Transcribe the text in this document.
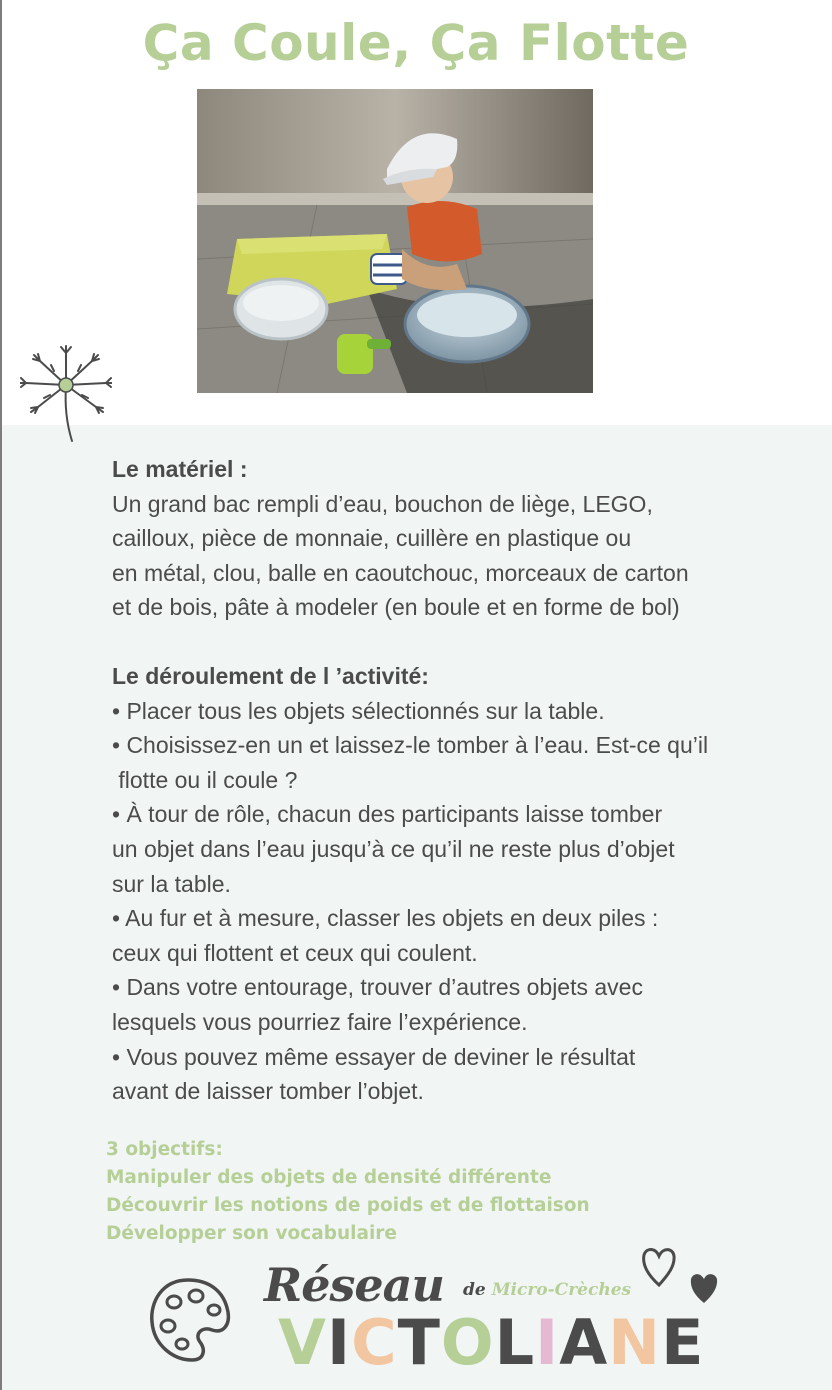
Ça Coule, Ça Flotte
Le matériel :
Un grand bac rempli d’eau, bouchon de liège, LEGO,
cailloux, pièce de monnaie, cuillère en plastique ou
en métal, clou, balle en caoutchouc, morceaux de carton
et de bois, pâte à modeler (en boule et en forme de bol)
Le déroulement de l ’activité:
• Placer tous les objets sélectionnés sur la table.
• Choisissez-en un et laissez-le tomber à l’eau. Est-ce qu’il
flotte ou il coule ?
• À tour de rôle, chacun des participants laisse tomber
un objet dans l’eau jusqu’à ce qu’il ne reste plus d’objet
sur la table.
• Au fur et à mesure, classer les objets en deux piles :
ceux qui flottent et ceux qui coulent.
• Dans votre entourage, trouver d’autres objets avec
lesquels vous pourriez faire l’expérience.
• Vous pouvez même essayer de deviner le résultat
avant de laisser tomber l’objet.
3 objectifs:
Manipuler des objets de densité différente
Découvrir les notions de poids et de flottaison
Développer son vocabulaire
Réseau de Micro-Crèches
VICTOLIANE
